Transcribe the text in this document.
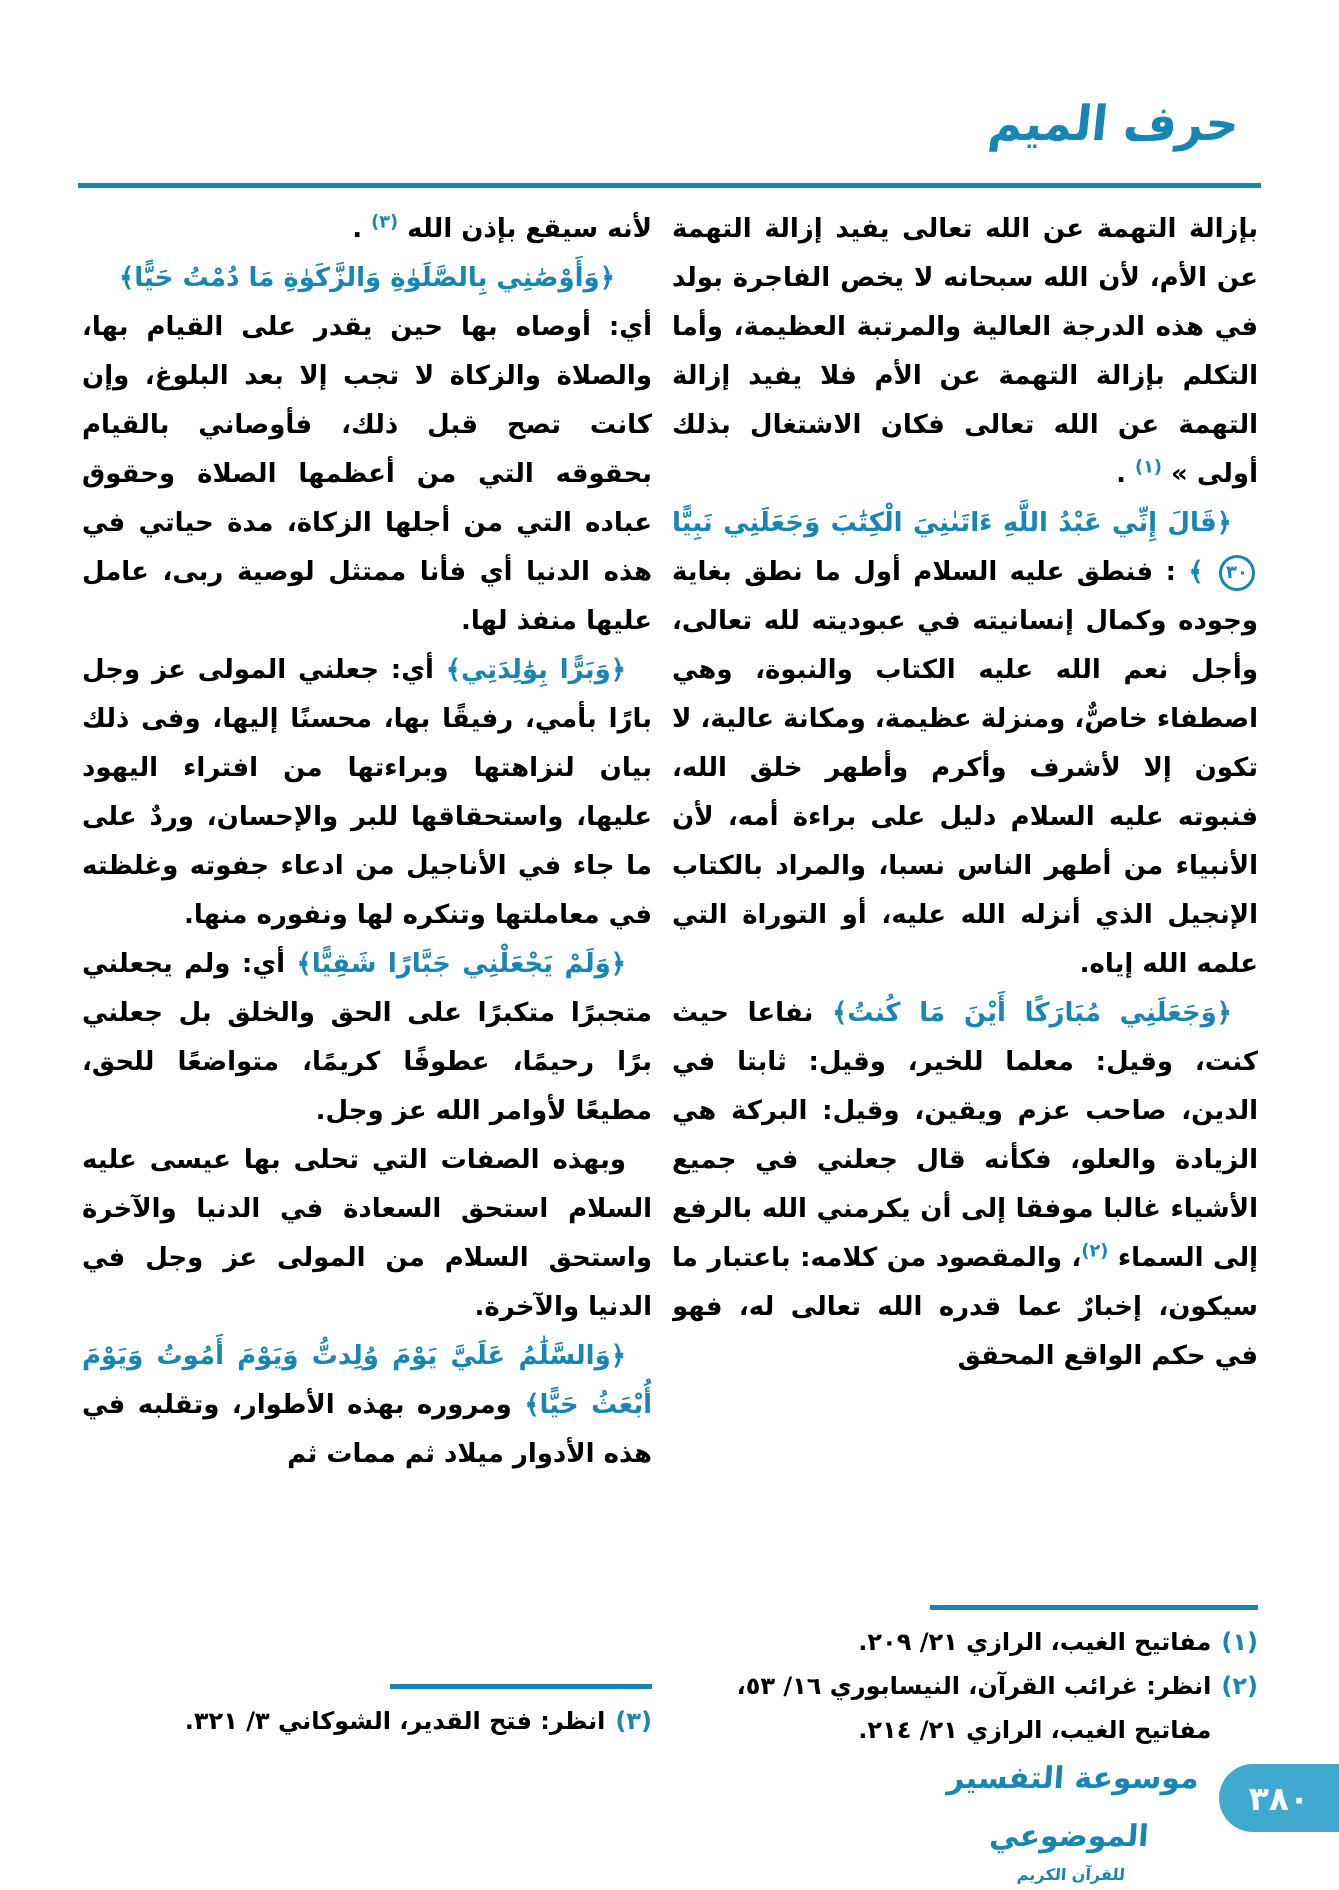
حرف الميم

بإزالة التهمة عن الله تعالى يفيد إزالة التهمة عن الأم، لأن الله سبحانه لا يخص الفاجرة بولد في هذه الدرجة العالية والمرتبة العظيمة، وأما التكلم بإزالة التهمة عن الأم فلا يفيد إزالة التهمة عن الله تعالى فكان الاشتغال بذلك أولى » $^{(١)}$ .

﴿قَالَ إِنِّي عَبْدُ اللَّهِ ءَاتَىٰنِيَ الْكِتَٰبَ وَجَعَلَنِي نَبِيًّا ٣٠ ﴾ : فنطق عليه السلام أول ما نطق بغاية وجوده وكمال إنسانيته في عبوديته لله تعالى، وأجل نعم الله عليه الكتاب والنبوة، وهي اصطفاء خاصٌّ، ومنزلة عظيمة، ومكانة عالية، لا تكون إلا لأشرف وأكرم وأطهر خلق الله، فنبوته عليه السلام دليل على براءة أمه، لأن الأنبياء من أطهر الناس نسبا، والمراد بالكتاب الإنجيل الذي أنزله الله عليه، أو التوراة التي علمه الله إياه.

﴿وَجَعَلَنِي مُبَارَكًا أَيْنَ مَا كُنتُ﴾ نفاعا حيث كنت، وقيل: معلما للخير، وقيل: ثابتا في الدين، صاحب عزم ويقين، وقيل: البركة هي الزيادة والعلو، فكأنه قال جعلني في جميع الأشياء غالبا موفقا إلى أن يكرمني الله بالرفع إلى السماء $^{(٢)}$، والمقصود من كلامه: باعتبار ما سيكون، إخبارٌ عما قدره الله تعالى له، فهو في حكم الواقع المحقق

لأنه سيقع بإذن الله $^{(٣)}$ .

﴿وَأَوْصَٰنِي بِالصَّلَوٰةِ وَالزَّكَوٰةِ مَا دُمْتُ حَيًّا﴾
أي: أوصاه بها حين يقدر على القيام بها، والصلاة والزكاة لا تجب إلا بعد البلوغ، وإن كانت تصح قبل ذلك، فأوصاني بالقيام بحقوقه التي من أعظمها الصلاة وحقوق عباده التي من أجلها الزكاة، مدة حياتي في هذه الدنيا أي فأنا ممتثل لوصية ربى، عامل عليها منفذ لها.

﴿وَبَرًّا بِوَٰلِدَتِي﴾ أي: جعلني المولى عز وجل بارًا بأمي، رفيقًا بها، محسنًا إليها، وفى ذلك بيان لنزاهتها وبراءتها من افتراء اليهود عليها، واستحقاقها للبر والإحسان، وردٌ على ما جاء في الأناجيل من ادعاء جفوته وغلظته في معاملتها وتنكره لها ونفوره منها.

﴿وَلَمْ يَجْعَلْنِي جَبَّارًا شَقِيًّا﴾ أي: ولم يجعلني متجبرًا متكبرًا على الحق والخلق بل جعلني برًا رحيمًا، عطوفًا كريمًا، متواضعًا للحق، مطيعًا لأوامر الله عز وجل.

وبهذه الصفات التي تحلى بها عيسى عليه السلام استحق السعادة في الدنيا والآخرة واستحق السلام من المولى عز وجل في الدنيا والآخرة.

﴿وَالسَّلَٰمُ عَلَيَّ يَوْمَ وُلِدتُّ وَيَوْمَ أَمُوتُ وَيَوْمَ أُبْعَثُ حَيًّا﴾ ومروره بهذه الأطوار، وتقلبه في هذه الأدوار ميلاد ثم ممات ثم

(١)
مفاتيح الغيب، الرازي ٢١/ ٢٠٩.
(٢)
انظر: غرائب القرآن، النيسابوري ١٦/ ٥٣، مفاتيح الغيب، الرازي ٢١/ ٢١٤.
(٣)
انظر: فتح القدير، الشوكاني ٣/ ٣٢١.
موسوعة التفسير الموضوعي
للقرآن الكريم
٣٨٠
